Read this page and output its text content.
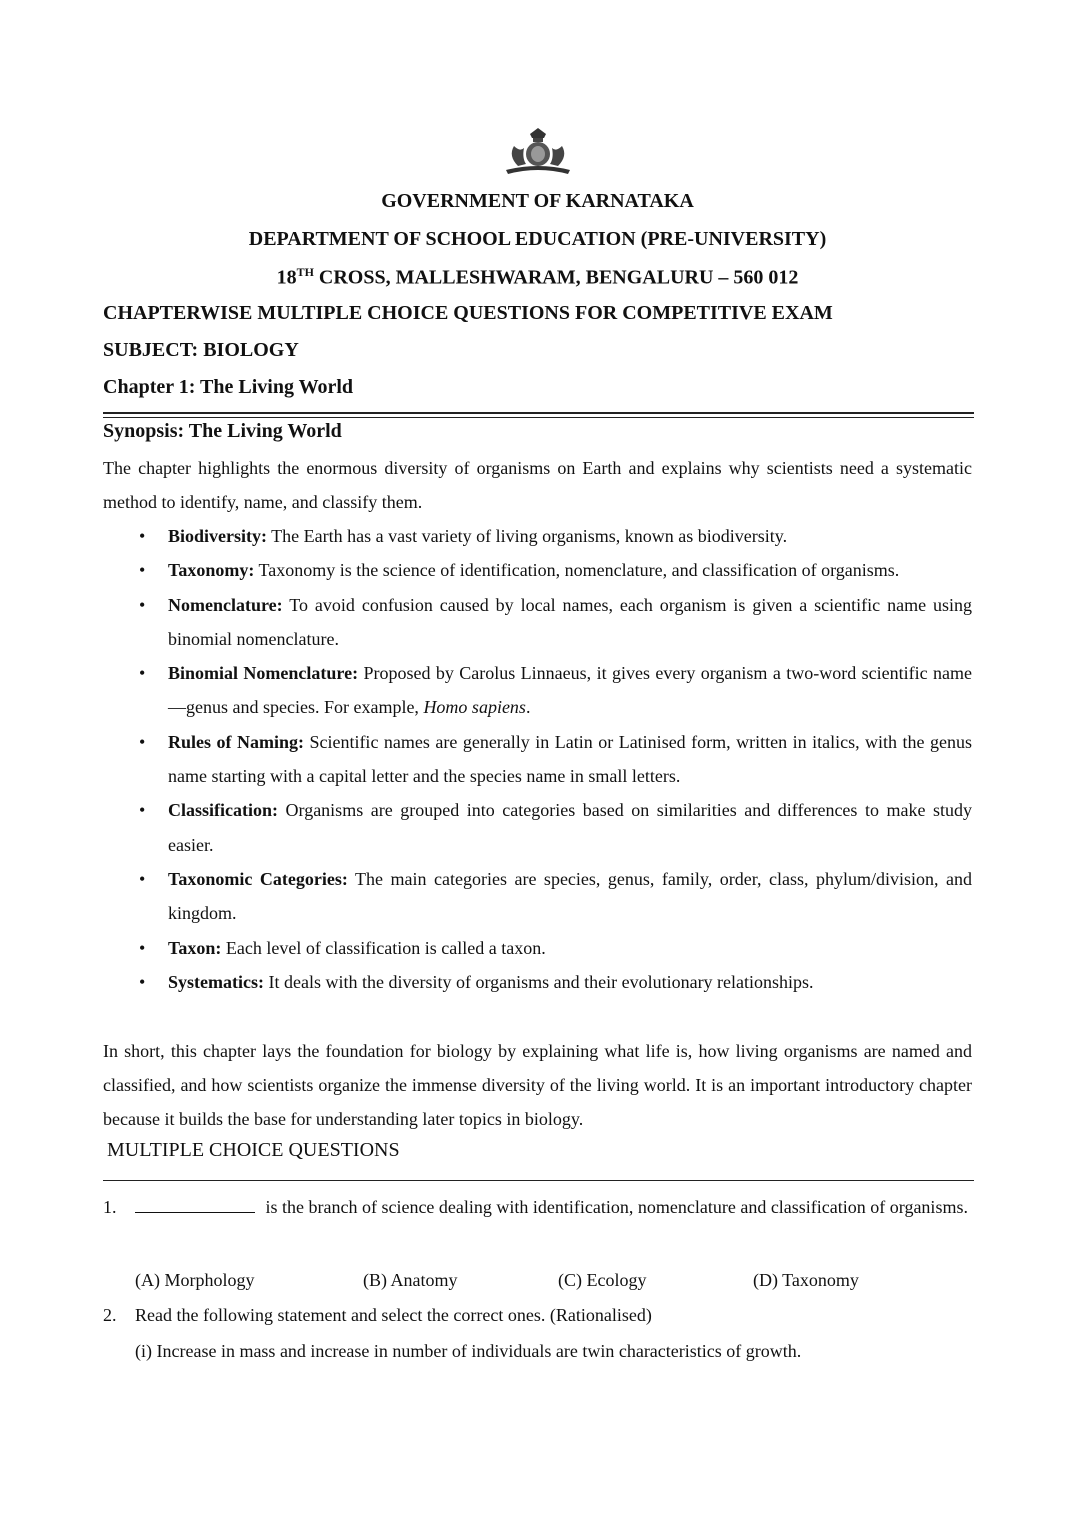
GOVERNMENT OF KARNATAKA
DEPARTMENT OF SCHOOL EDUCATION (PRE-UNIVERSITY)
18TH CROSS, MALLESHWARAM, BENGALURU – 560 012
CHAPTERWISE MULTIPLE CHOICE QUESTIONS FOR COMPETITIVE EXAM
SUBJECT: BIOLOGY
Chapter 1: The Living World
Synopsis: The Living World
The chapter highlights the enormous diversity of organisms on Earth and explains why scientists need a systematic method to identify, name, and classify them.
• Biodiversity: The Earth has a vast variety of living organisms, known as biodiversity.
• Taxonomy: Taxonomy is the science of identification, nomenclature, and classification of organisms.
• Nomenclature: To avoid confusion caused by local names, each organism is given a scientific name using binomial nomenclature.
• Binomial Nomenclature: Proposed by Carolus Linnaeus, it gives every organism a two-word scientific name—genus and species. For example, Homo sapiens.
• Rules of Naming: Scientific names are generally in Latin or Latinised form, written in italics, with the genus name starting with a capital letter and the species name in small letters.
• Classification: Organisms are grouped into categories based on similarities and differences to make study easier.
• Taxonomic Categories: The main categories are species, genus, family, order, class, phylum/division, and kingdom.
• Taxon: Each level of classification is called a taxon.
• Systematics: It deals with the diversity of organisms and their evolutionary relationships.
In short, this chapter lays the foundation for biology by explaining what life is, how living organisms are named and classified, and how scientists organize the immense diversity of the living world. It is an important introductory chapter because it builds the base for understanding later topics in biology.
MULTIPLE CHOICE QUESTIONS
1.	is the branch of science dealing with identification, nomenclature and classification of organisms.
(A) Morphology	(B) Anatomy	(C) Ecology	(D) Taxonomy
2. Read the following statement and select the correct ones. (Rationalised)
(i) Increase in mass and increase in number of individuals are twin characteristics of growth.
